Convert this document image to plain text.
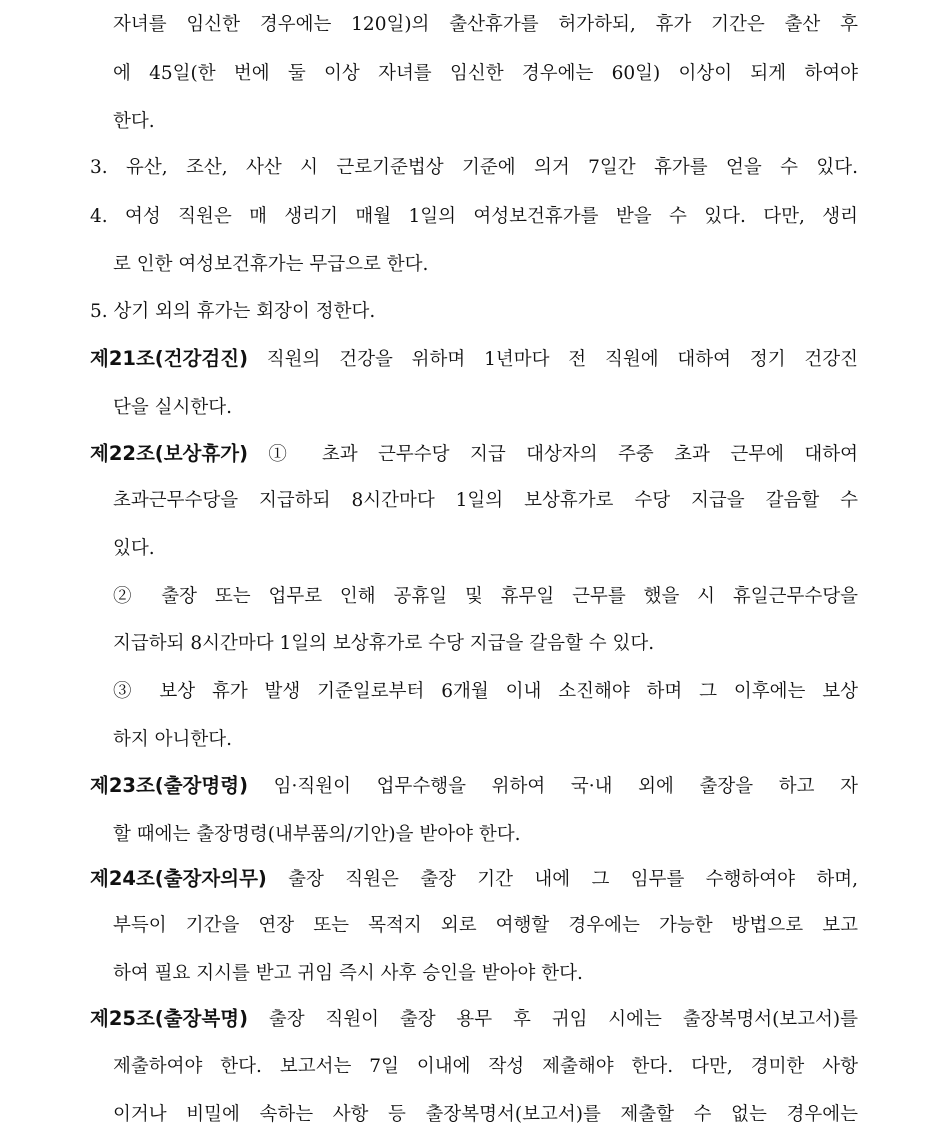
자녀를 임신한 경우에는 120일)의 출산휴가를 허가하되, 휴가 기간은 출산 후
에 45일(한 번에 둘 이상 자녀를 임신한 경우에는 60일) 이상이 되게 하여야
한다.
3. 유산, 조산, 사산 시 근로기준법상 기준에 의거 7일간 휴가를 얻을 수 있다.
4. 여성 직원은 매 생리기 매월 1일의 여성보건휴가를 받을 수 있다. 다만, 생리
로 인한 여성보건휴가는 무급으로 한다.
5. 상기 외의 휴가는 회장이 정한다.
제21조(건강검진) 직원의 건강을 위하며 1년마다 전 직원에 대하여 정기 건강진
단을 실시한다.
제22조(보상휴가) ① 초과 근무수당 지급 대상자의 주중 초과 근무에 대하여
초과근무수당을 지급하되 8시간마다 1일의 보상휴가로 수당 지급을 갈음할 수
있다.
② 출장 또는 업무로 인해 공휴일 및 휴무일 근무를 했을 시 휴일근무수당을
지급하되 8시간마다 1일의 보상휴가로 수당 지급을 갈음할 수 있다.
③ 보상 휴가 발생 기준일로부터 6개월 이내 소진해야 하며 그 이후에는 보상
하지 아니한다.
제23조(출장명령) 임·직원이 업무수행을 위하여 국·내 외에 출장을 하고 자
할 때에는 출장명령(내부품의/기안)을 받아야 한다.
제24조(출장자의무) 출장 직원은 출장 기간 내에 그 임무를 수행하여야 하며,
부득이 기간을 연장 또는 목적지 외로 여행할 경우에는 가능한 방법으로 보고
하여 필요 지시를 받고 귀임 즉시 사후 승인을 받아야 한다.
제25조(출장복명) 출장 직원이 출장 용무 후 귀임 시에는 출장복명서(보고서)를
제출하여야 한다. 보고서는 7일 이내에 작성 제출해야 한다. 다만, 경미한 사항
이거나 비밀에 속하는 사항 등 출장복명서(보고서)를 제출할 수 없는 경우에는
